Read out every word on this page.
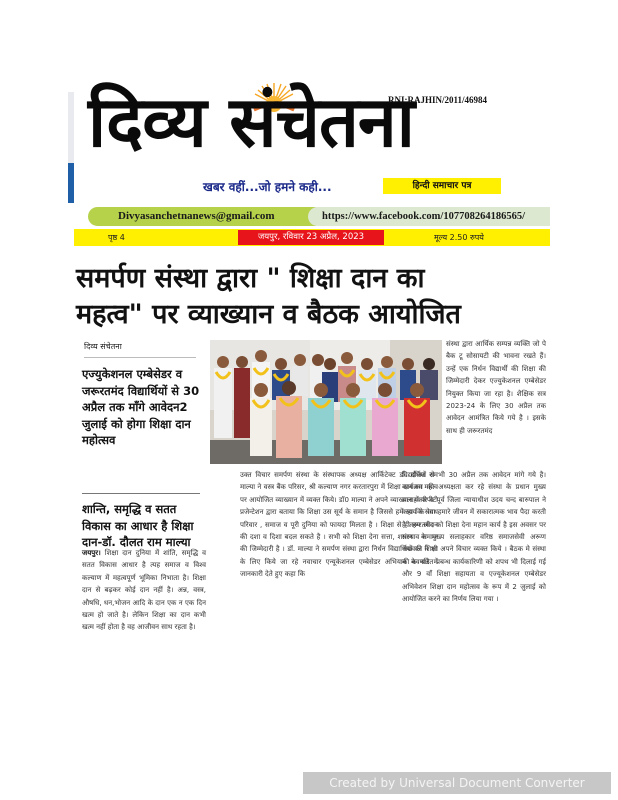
दिव्य संचेतना
RNI:RAJHIN/2011/46984
खबर वहीं...जो हमने कही...	हिन्दी समाचार पत्र
Divyasanchetnanews@gmail.com	https://www.facebook.com/107708264186565/
पृष्ठ 4	जयपुर, रविवार 23 अप्रैल, 2023	मूल्य 2.50 रुपये
समर्पण संस्था द्वारा " शिक्षा दान का
महत्व" पर व्याख्यान व बैठक आयोजित
दिव्य संचेतना
एज्युकेशनल एम्बेसेडर व जरूरतमंद विद्यार्थियों से 30 अप्रैल तक माँगे आवेदन2 जुलाई को होगा शिक्षा दान महोत्सव
शान्ति, समृद्धि व सतत विकास का आधार है शिक्षा दान-डॉ. दौलत राम माल्या
जयपुर। शिक्षा दान दुनिया में शांति, समृद्धि व सतत विकास आधार है त्यह समाज व विश्व कल्याण में महत्वपूर्ण भूमिका निभाता है। शिक्षा दान से बढ़कर कोई दान नहीं है। अन्न, वस्त्र, औषधि, धन,भोजन आदि के दान एक न एक दिन खत्म हो जाते है। लेकिन शिक्षा का दान कभी खत्म नहीं होता है वह आजीवन साथ रहता है।
उक्त विचार समर्पण संस्था के संस्थापक अध्यक्ष आर्किटेक्ट डॉ. दौलत राम माल्या ने वस्त्र बैंक परिसर, श्री कल्याण नगर करतारपुरा में शिक्षा दान का महत्व पर आयोजित व्याख्यान में व्यक्त किये। डॉ0 माल्या ने अपने व्याख्यान में पीपीटी प्रजेन्टेशन द्वारा बताया कि शिक्षा उस सूर्य के समान है जिससे हमें स्वयं के साथ परिवार , समाज व पूरी दुनिया को फायदा मिलता है । शिक्षा से ही हम जीवन की दशा व दिशा बदल सकते है । सभी को शिक्षा देना सत्ता, शासन व समाज की जिम्मेदारी है । डॉ. माल्या ने समर्पण संस्था द्वारा निर्धन विद्यार्थियों की शिक्षा के लिए किये जा रहे नवाचार एन्यूकेशनल एम्बेसेडर अभियान के बारे में जानकारी देते हुए कहा कि
संस्था द्वारा आर्थिक सम्पन्न व्यक्ति जो पे बैक टू सोसायटी की भावना रखते हैं। उन्हें एक निर्धन विद्यार्थी की शिक्षा की जिम्मेदारी देकर एज्युकेशनल एम्बेसेडर नियुक्त किया जा रहा है। शैक्षिक सत्र 2023-24 के लिए 30 अप्रैल तक आवेदन आमंत्रित किये गये है । इसके साथ ही जरूरतमंद
विद्यार्थियों से भी 30 अप्रैल तक आवेदन मांगे गये है। कार्यक्रम की अध्यक्षता कर रहे संस्था के प्रधान मुख्य सलाहकार व पूर्व जिला न्यायाधीश उदय चन्द बारुपाल ने कहा कि सेवा हमारे जीवन में सकारात्मक भाव पैदा करती है जरूरतमंद को शिक्षा देना महान कार्य है इस अवसर पर संस्था के मुख्य सलाहकार वरिष्ठ समाजसेवी अरूण अग्रवाल ने भी अपने विचार व्यक्त किये । बैठक मे संस्था की नवगठित प्रबन्ध कार्यकारिणी को शपथ भी दिलाई गई और 9 वाँ शिक्षा सहायता व एज्यूकेशनल एम्बेसेडर अभिवेशन शिक्षा दान महोत्सव के रूप में 2 जुलाई को आयोजित करने का निर्णय लिया गया ।
Created by Universal Document Converter
